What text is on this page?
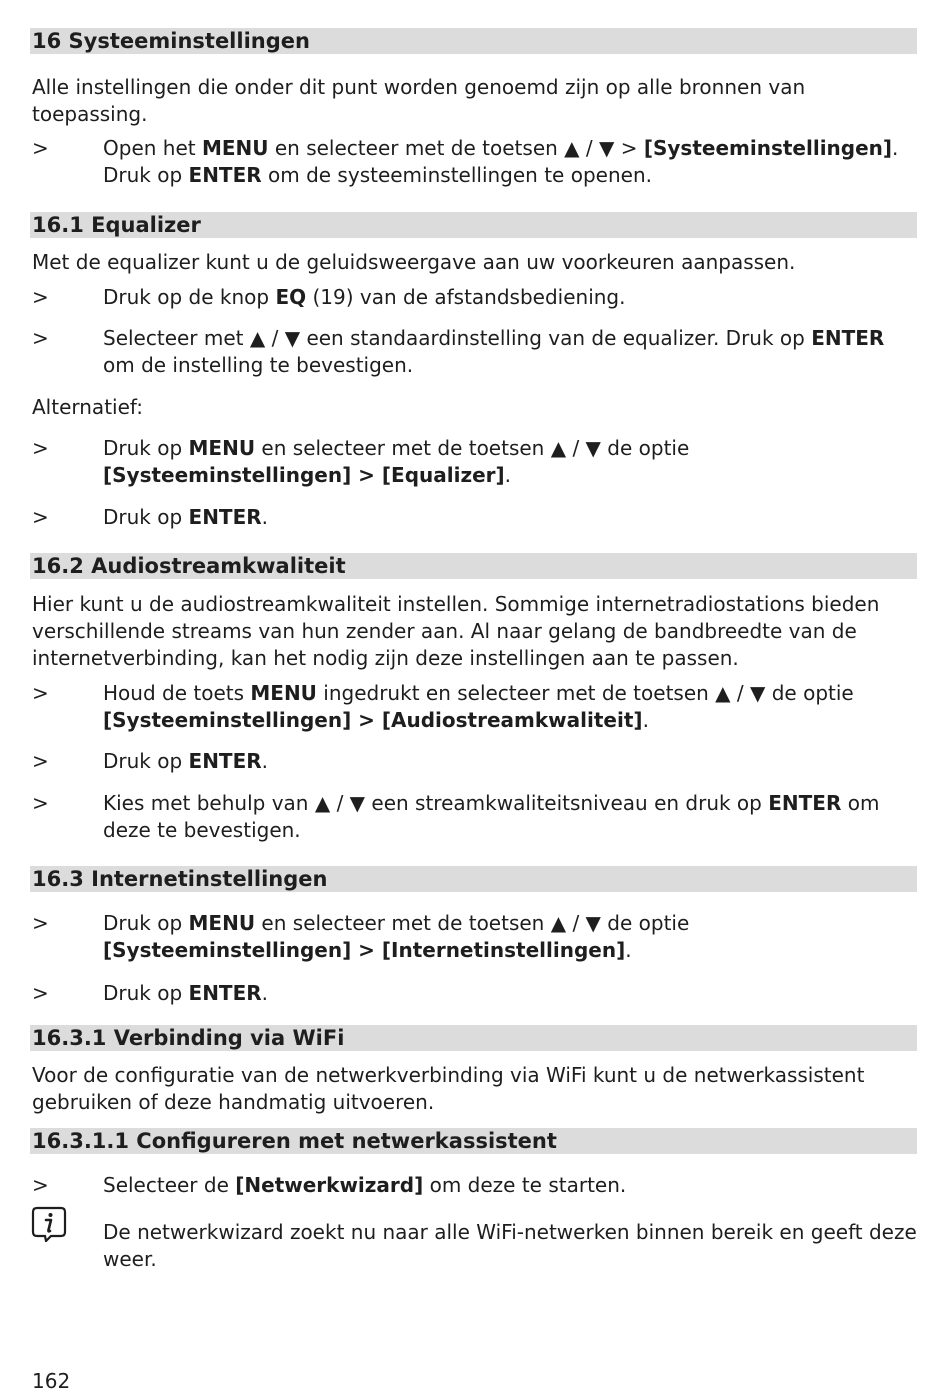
16 Systeeminstellingen
Alle instellingen die onder dit punt worden genoemd zijn op alle bronnen van toepassing.
>	Open het MENU en selecteer met de toetsen ▲ / ▼ > [Systeeminstellingen]. Druk op ENTER om de systeeminstellingen te openen.
16.1 Equalizer
Met de equalizer kunt u de geluidsweergave aan uw voorkeuren aanpassen.
>	Druk op de knop EQ (19) van de afstandsbediening.
>	Selecteer met ▲ / ▼ een standaardinstelling van de equalizer. Druk op ENTER om de instelling te bevestigen.
Alternatief:
>	Druk op MENU en selecteer met de toetsen ▲ / ▼ de optie [Systeeminstellingen] > [Equalizer].
>	Druk op ENTER.
16.2 Audiostreamkwaliteit
Hier kunt u de audiostreamkwaliteit instellen. Sommige internetradiostations bieden verschillende streams van hun zender aan. Al naar gelang de bandbreedte van de internetverbinding, kan het nodig zijn deze instellingen aan te passen.
>	Houd de toets MENU ingedrukt en selecteer met de toetsen ▲ / ▼ de optie [Systeeminstellingen] > [Audiostreamkwaliteit].
>	Druk op ENTER.
>	Kies met behulp van ▲ / ▼ een streamkwaliteitsniveau en druk op ENTER om deze te bevestigen.
16.3 Internetinstellingen
>	Druk op MENU en selecteer met de toetsen ▲ / ▼ de optie [Systeeminstellingen] > [Internetinstellingen].
>	Druk op ENTER.
16.3.1 Verbinding via WiFi
Voor de configuratie van de netwerkverbinding via WiFi kunt u de netwerkassistent gebruiken of deze handmatig uitvoeren.
16.3.1.1 Configureren met netwerkassistent
>	Selecteer de [Netwerkwizard] om deze te starten.
De netwerkwizard zoekt nu naar alle WiFi-netwerken binnen bereik en geeft deze weer.
162
